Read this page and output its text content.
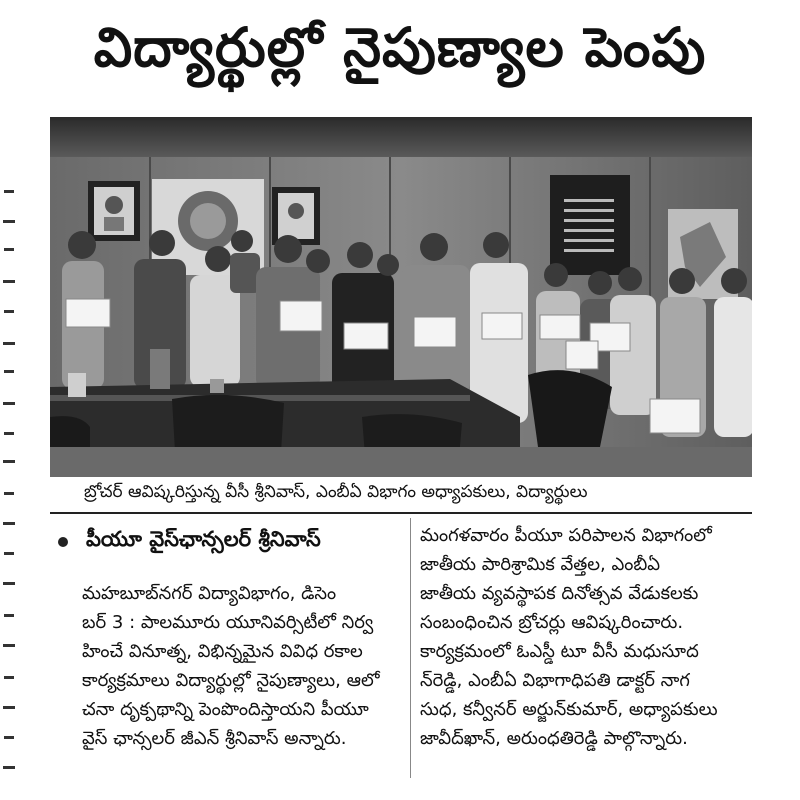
విద్యార్థుల్లో నైపుణ్యాల పెంపు
బ్రోచర్ ఆవిష్కరిస్తున్న వీసీ శ్రీనివాస్, ఎంబీఏ విభాగం అధ్యాపకులు, విద్యార్థులు
పీయూ వైస్‌ఛాన్సలర్ శ్రీనివాస్

మహబూబ్‌నగర్ విద్యావిభాగం, డిసెం

బర్ 3 : పాలమూరు యూనివర్సిటీలో నిర్వ

హించే వినూత్న, విభిన్నమైన వివిధ రకాల

కార్యక్రమాలు విద్యార్థుల్లో నైపుణ్యాలు, ఆలో

చనా దృక్పథాన్ని పెంపొందిస్తాయని పీయూ

వైస్ ఛాన్సలర్ జీఎన్ శ్రీనివాస్ అన్నారు.

మంగళవారం పీయూ పరిపాలన విభాగంలో

జాతీయ పారిశ్రామిక వేత్తల, ఎంబీఏ

జాతీయ వ్యవస్థాపక దినోత్సవ వేడుకలకు

సంబంధించిన బ్రోచర్లు ఆవిష్కరించారు.

కార్యక్రమంలో ఓఎస్డీ టూ వీసీ మధుసూద

న్‌రెడ్డి, ఎంబీఏ విభాగాధిపతి డాక్టర్ నాగ

సుధ, కన్వీనర్ అర్జున్‌కుమార్, అధ్యాపకులు

జావీద్‌ఖాన్, అరుంధతిరెడ్డి పాల్గొన్నారు.
